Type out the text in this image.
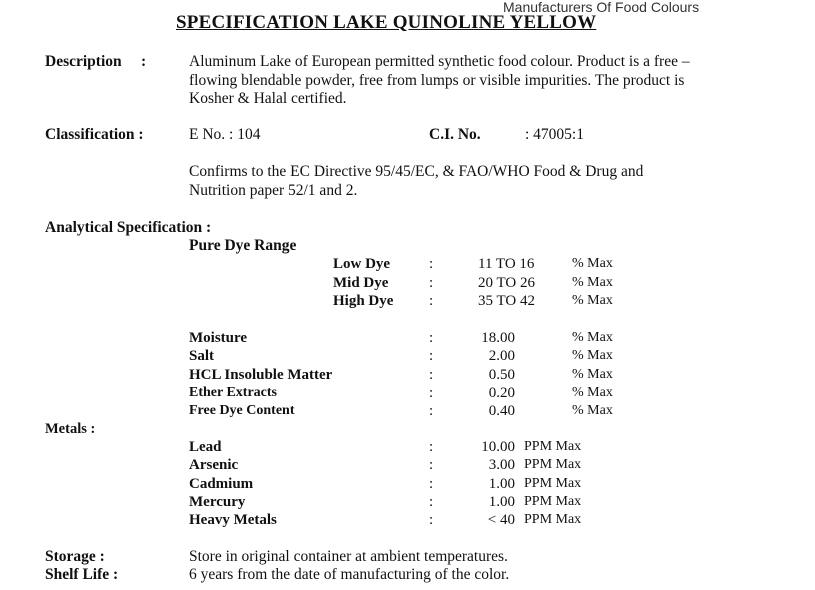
Manufacturers Of Food Colours
SPECIFICATION LAKE QUINOLINE YELLOW
Description :	Aluminum Lake of European permitted synthetic food colour. Product is a free –
flowing blendable powder, free from lumps or visible impurities. The product is
Kosher & Halal certified.
Classification :	E No. : 104	C.I. No.	: 47005:1
Confirms to the EC Directive 95/45/EC, & FAO/WHO Food & Drug and
Nutrition paper 52/1 and 2.
Analytical Specification :
Pure Dye Range
Low Dye	:	11 TO 16	% Max
Mid Dye	:	20 TO 26	% Max
High Dye :	35 TO 42	% Max
Moisture	:	18.00	% Max
Salt	:	2.00	% Max
HCL Insoluble Matter	:	0.50	% Max
Ether Extracts	:	0.20	% Max
Free Dye Content	:	0.40	% Max
Metals :
Lead	:	10.00 PPM Max
Arsenic	:	3.00 PPM Max
Cadmium	:	1.00 PPM Max
Mercury	:	1.00 PPM Max
Heavy Metals	:	< 40 PPM Max
Storage :	Store in original container at ambient temperatures.
Shelf Life :	6 years from the date of manufacturing of the color.
